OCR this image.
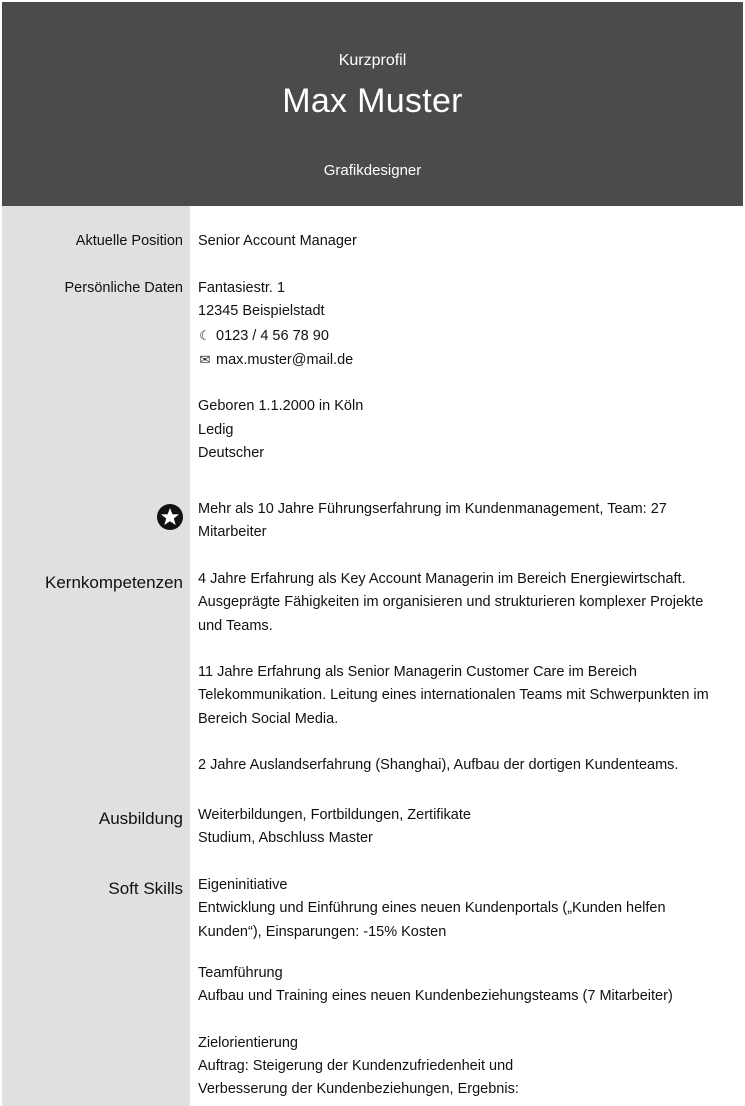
Kurzprofil
Max Muster
Grafikdesigner
Aktuelle Position Senior Account Manager
Persönliche Daten Fantasiestr. 1
12345 Beispielstadt
☾ 0123 / 4 56 78 90
✉ max.muster@mail.de
Geboren 1.1.2000 in Köln
Ledig
Deutscher
Mehr als 10 Jahre Führungserfahrung im Kundenmanagement, Team: 27
Mitarbeiter
Kernkompetenzen 4 Jahre Erfahrung als Key Account Managerin im Bereich Energiewirtschaft.
Ausgeprägte Fähigkeiten im organisieren und strukturieren komplexer Projekte
und Teams.
11 Jahre Erfahrung als Senior Managerin Customer Care im Bereich
Telekommunikation. Leitung eines internationalen Teams mit Schwerpunkten im
Bereich Social Media.
2 Jahre Auslandserfahrung (Shanghai), Aufbau der dortigen Kundenteams.
Ausbildung Weiterbildungen, Fortbildungen, Zertifikate
Studium, Abschluss Master
Soft Skills Eigeninitiative
Entwicklung und Einführung eines neuen Kundenportals („Kunden helfen
Kunden“), Einsparungen: -15% Kosten
Teamführung
Aufbau und Training eines neuen Kundenbeziehungsteams (7 Mitarbeiter)
Zielorientierung
Auftrag: Steigerung der Kundenzufriedenheit und
Verbesserung der Kundenbeziehungen, Ergebnis:
